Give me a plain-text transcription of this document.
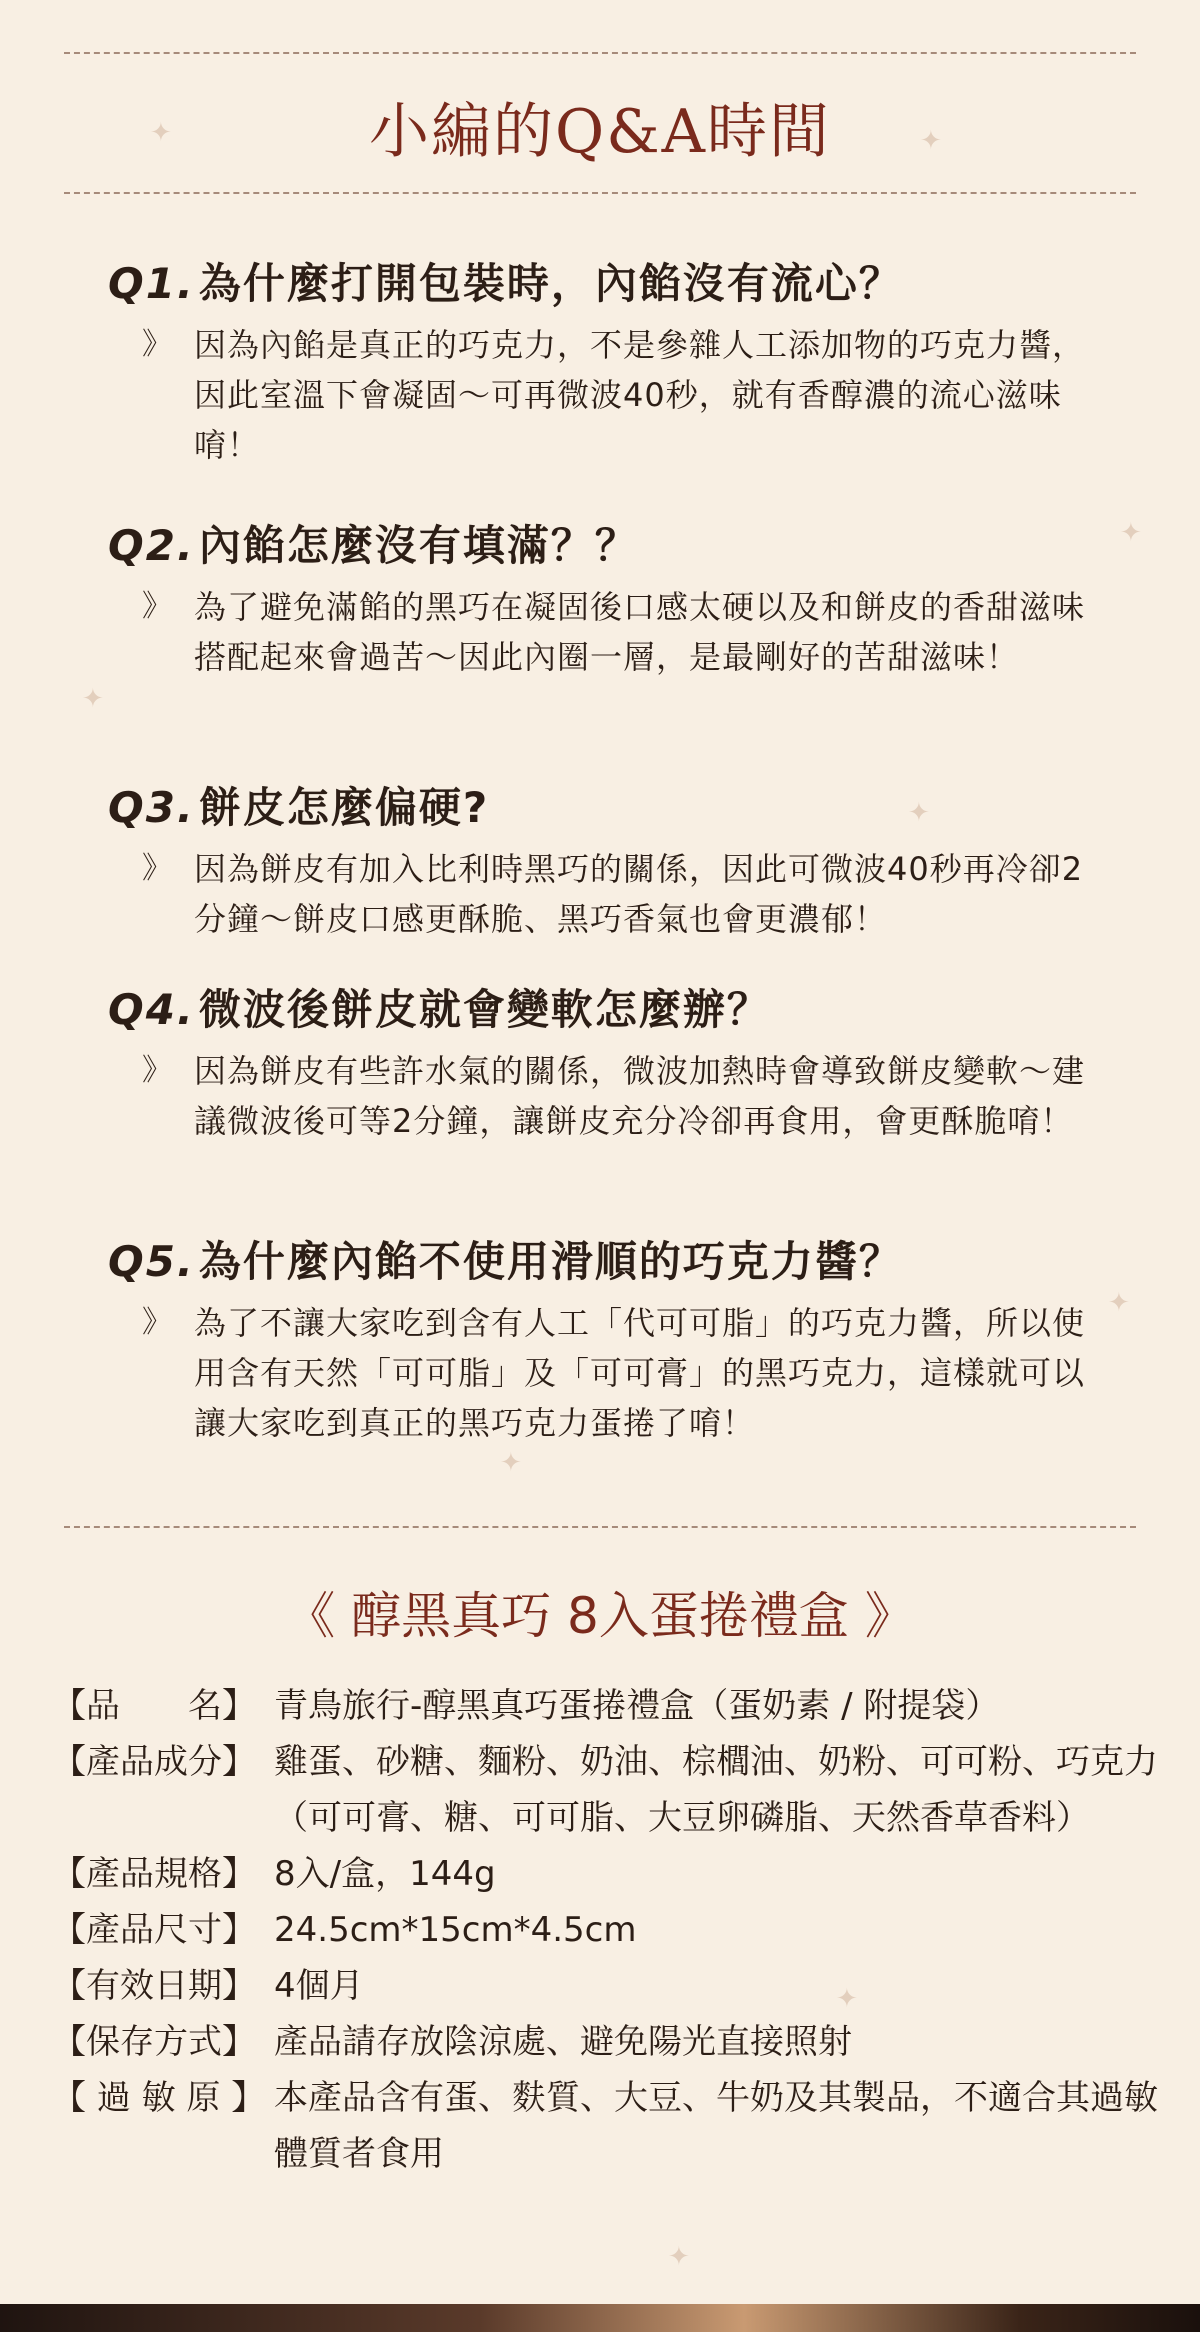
✦	✦
✦
✦
✦
✦
✦
✦
✦
小編的Q&A時間
Q1.為什麼打開包裝時，內餡沒有流心？
》 因為內餡是真正的巧克力，不是參雜人工添加物的巧克力醬，因此室溫下會凝固～可再微波40秒，就有香醇濃的流心滋味唷！
Q2.內餡怎麼沒有填滿？？
》 為了避免滿餡的黑巧在凝固後口感太硬以及和餅皮的香甜滋味搭配起來會過苦～因此內圈一層，是最剛好的苦甜滋味！
Q3.餅皮怎麼偏硬?
》 因為餅皮有加入比利時黑巧的關係，因此可微波40秒再冷卻2分鐘～餅皮口感更酥脆、黑巧香氣也會更濃郁！
Q4.微波後餅皮就會變軟怎麼辦？
》 因為餅皮有些許水氣的關係，微波加熱時會導致餅皮變軟～建議微波後可等2分鐘，讓餅皮充分冷卻再食用，會更酥脆唷！
Q5.為什麼內餡不使用滑順的巧克力醬？
》 為了不讓大家吃到含有人工「代可可脂」的巧克力醬，所以使用含有天然「可可脂」及「可可膏」的黑巧克力，這樣就可以讓大家吃到真正的黑巧克力蛋捲了唷！
《 醇黑真巧 8入蛋捲禮盒 》
【品　　名】 青鳥旅行-醇黑真巧蛋捲禮盒（蛋奶素 / 附提袋）
【產品成分】 雞蛋、砂糖、麵粉、奶油、棕櫚油、奶粉、可可粉、巧克力（可可膏、糖、可可脂、大豆卵磷脂、天然香草香料）
【產品規格】 8入/盒，144g
【產品尺寸】 24.5cm*15cm*4.5cm
【有效日期】 4個月
【保存方式】 產品請存放陰涼處、避免陽光直接照射
【 過 敏 原 】 本產品含有蛋、麩質、大豆、牛奶及其製品，不適合其過敏體質者食用
